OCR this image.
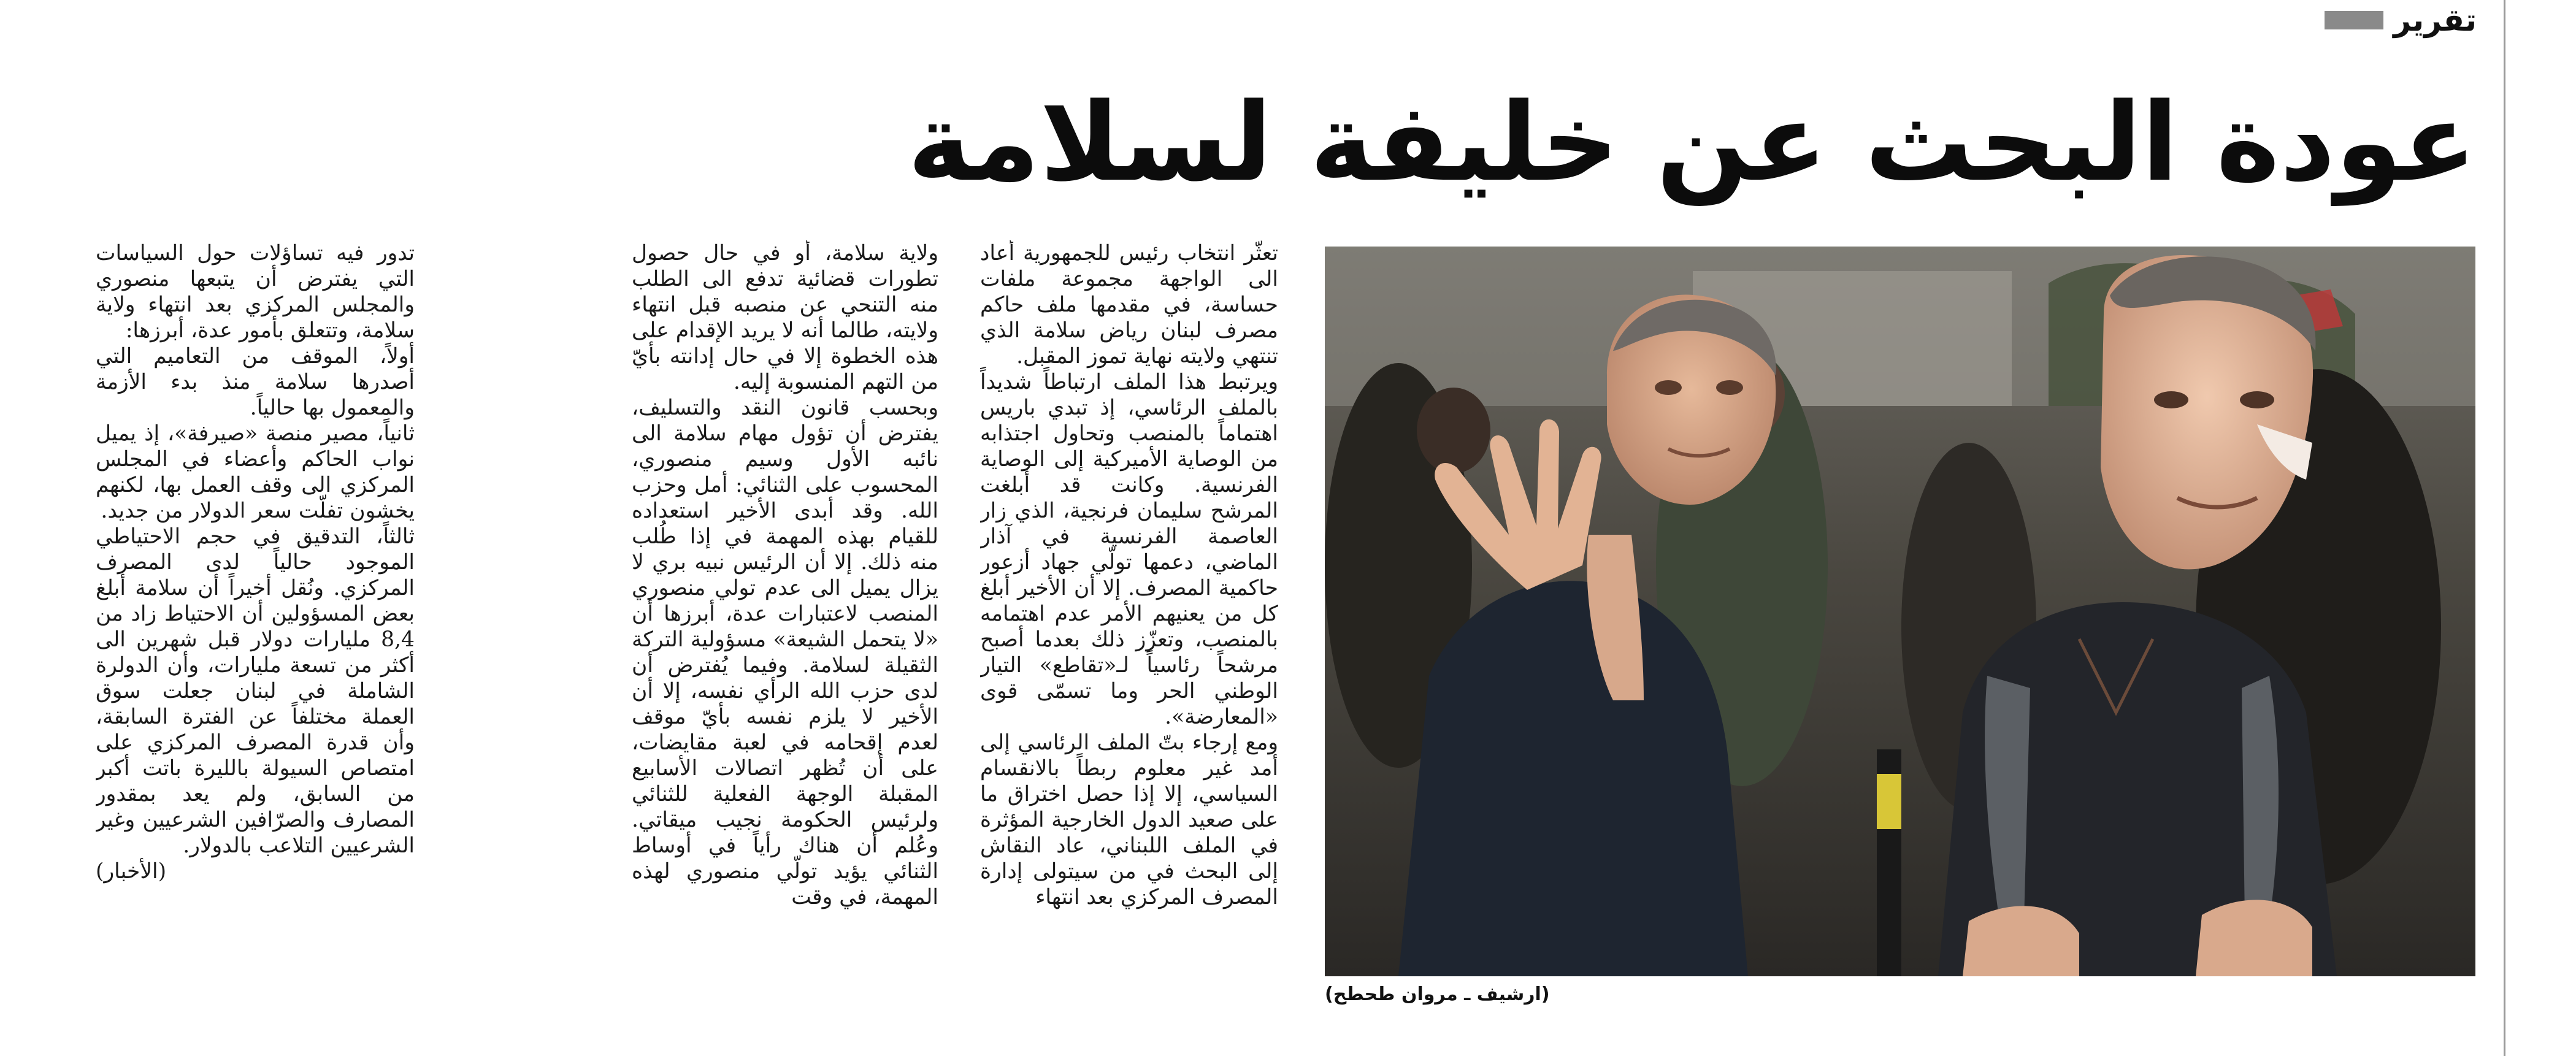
تقرير
عودة البحث عن خليفة لسلامة
(ارشيف ـ مروان طحطح)

تعثّر انتخاب رئيس للجمهورية أعاد الى الواجهة مجموعة ملفات حساسة، في مقدمها ملف حاكم مصرف لبنان رياض سلامة الذي تنتهي ولايته نهاية تموز المقبل.

ويرتبط هذا الملف ارتباطاً شديداً بالملف الرئاسي، إذ تبدي باريس اهتماماً بالمنصب وتحاول اجتذابه من الوصاية الأميركية إلى الوصاية الفرنسية. وكانت قد أبلغت المرشح سليمان فرنجية، الذي زار العاصمة الفرنسية في آذار الماضي، دعمها تولّي جهاد أزعور حاكمية المصرف. إلا أن الأخير أبلغ كل من يعنيهم الأمر عدم اهتمامه بالمنصب، وتعزّز ذلك بعدما أصبح مرشحاً رئاسياً لـ«تقاطع» التيار الوطني الحر وما تسمّى قوى «المعارضة».

ومع إرجاء بتّ الملف الرئاسي إلى أمد غير معلوم ربطاً بالانقسام السياسي، إلا إذا حصل اختراق ما على صعيد الدول الخارجية المؤثرة في الملف اللبناني، عاد النقاش إلى البحث في من سيتولى إدارة المصرف المركزي بعد انتهاء

ولاية سلامة، أو في حال حصول تطورات قضائية تدفع الى الطلب منه التنحي عن منصبه قبل انتهاء ولايته، طالما أنه لا يريد الإقدام على هذه الخطوة إلا في حال إدانته بأيّ من التهم المنسوبة إليه.

وبحسب قانون النقد والتسليف، يفترض أن تؤول مهام سلامة الى نائبه الأول وسيم منصوري، المحسوب على الثنائي: أمل وحزب الله. وقد أبدى الأخير استعداده للقيام بهذه المهمة في إذا طُلب منه ذلك. إلا أن الرئيس نبيه بري لا يزال يميل الى عدم تولي منصوري المنصب لاعتبارات عدة، أبرزها أن «لا يتحمل الشيعة» مسؤولية التركة الثقيلة لسلامة. وفيما يُفترض أن لدى حزب الله الرأي نفسه، إلا أن الأخير لا يلزم نفسه بأيّ موقف لعدم إقحامه في لعبة مقايضات، على أن تُظهر اتصالات الأسابيع المقبلة الوجهة الفعلية للثنائي ولرئيس الحكومة نجيب ميقاتي. وعُلم أن هناك رأياً في أوساط الثنائي يؤيد تولّي منصوري لهذه المهمة، في وقت

تدور فيه تساؤلات حول السياسات التي يفترض أن يتبعها منصوري والمجلس المركزي بعد انتهاء ولاية سلامة، وتتعلق بأمور عدة، أبرزها:

أولاً، الموقف من التعاميم التي أصدرها سلامة منذ بدء الأزمة والمعمول بها حالياً.

ثانياً، مصير منصة «صيرفة»، إذ يميل نواب الحاكم وأعضاء في المجلس المركزي الى وقف العمل بها، لكنهم يخشون تفلّت سعر الدولار من جديد.

ثالثاً، التدقيق في حجم الاحتياطي الموجود حالياً لدى المصرف المركزي. ونُقل أخيراً أن سلامة أبلغ بعض المسؤولين أن الاحتياط زاد من 8,4 مليارات دولار قبل شهرين الى أكثر من تسعة مليارات، وأن الدولرة الشاملة في لبنان جعلت سوق العملة مختلفاً عن الفترة السابقة، وأن قدرة المصرف المركزي على امتصاص السيولة بالليرة باتت أكبر من السابق، ولم يعد بمقدور المصارف والصرّافين الشرعيين وغير الشرعيين التلاعب بالدولار.

(الأخبار)
